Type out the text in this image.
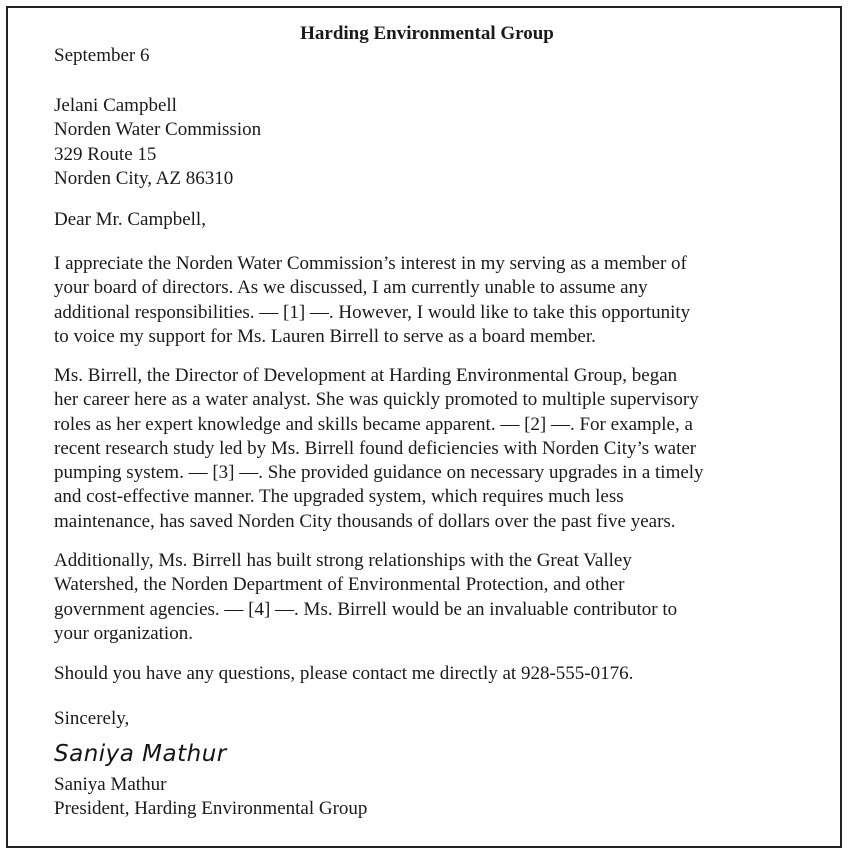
Harding Environmental Group
September 6
Jelani Campbell
Norden Water Commission
329 Route 15
Norden City, AZ 86310
Dear Mr. Campbell,
I appreciate the Norden Water Commission’s interest in my serving as a member of
your board of directors. As we discussed, I am currently unable to assume any
additional responsibilities. — [1] —. However, I would like to take this opportunity
to voice my support for Ms. Lauren Birrell to serve as a board member.
Ms. Birrell, the Director of Development at Harding Environmental Group, began
her career here as a water analyst. She was quickly promoted to multiple supervisory
roles as her expert knowledge and skills became apparent. — [2] —. For example, a
recent research study led by Ms. Birrell found deficiencies with Norden City’s water
pumping system. — [3] —. She provided guidance on necessary upgrades in a timely
and cost-effective manner. The upgraded system, which requires much less
maintenance, has saved Norden City thousands of dollars over the past five years.
Additionally, Ms. Birrell has built strong relationships with the Great Valley
Watershed, the Norden Department of Environmental Protection, and other
government agencies. — [4] —. Ms. Birrell would be an invaluable contributor to
your organization.
Should you have any questions, please contact me directly at 928-555-0176.
Sincerely,
Saniya Mathur
Saniya Mathur
President, Harding Environmental Group
